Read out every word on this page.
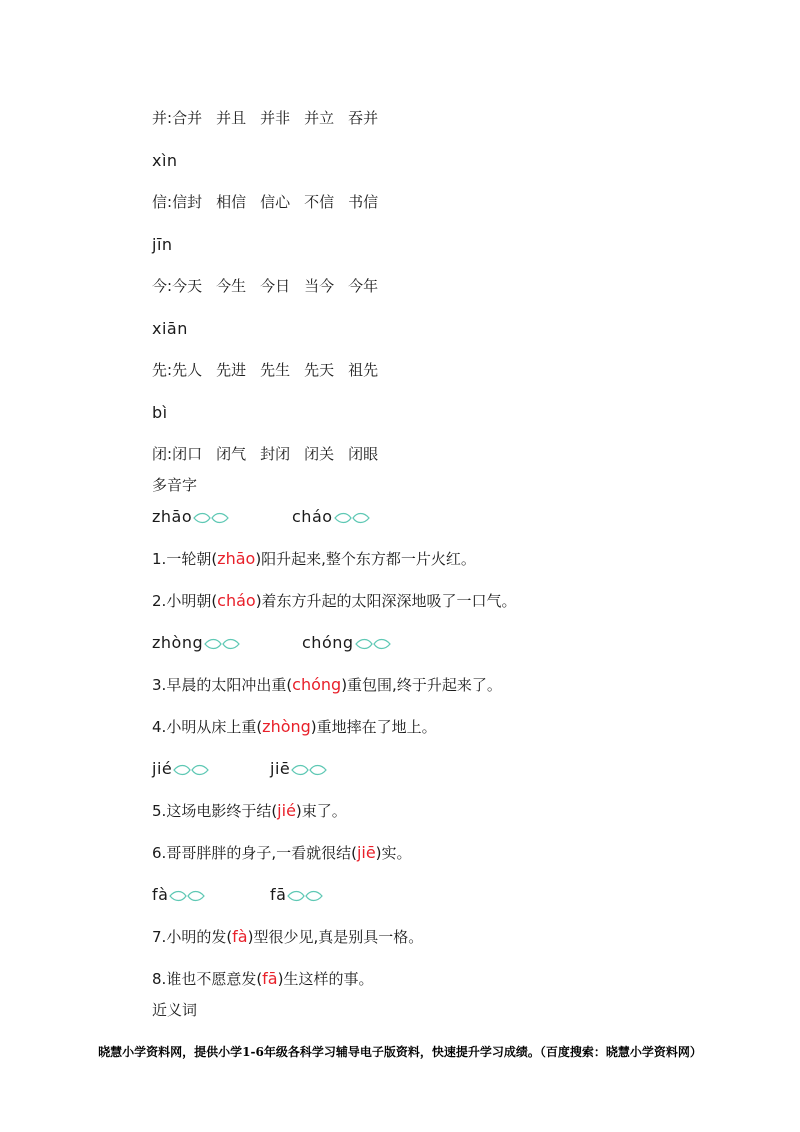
并:合并 并且 并非 并立 吞并
xìn
信:信封 相信 信心 不信 书信
jīn
今:今天 今生 今日 当今 今年
xiān
先:先人 先进 先生 先天 祖先
bì
闭:闭口 闭气 封闭 闭关 闭眼
多音字
zhāo	cháo
1.一轮朝(zhāo)阳升起来,整个东方都一片火红。
2.小明朝(cháo)着东方升起的太阳深深地吸了一口气。
zhòng	chóng
3.早晨的太阳冲出重(chóng)重包围,终于升起来了。
4.小明从床上重(zhòng)重地摔在了地上。
jié	jiē
5.这场电影终于结(jié)束了。
6.哥哥胖胖的身子,一看就很结(jiē)实。
fà	fā
7.小明的发(fà)型很少见,真是别具一格。
8.谁也不愿意发(fā)生这样的事。
近义词
晓慧小学资料网，提供小学1-6年级各科学习辅导电子版资料，快速提升学习成绩。（百度搜索：晓慧小学资料网）
